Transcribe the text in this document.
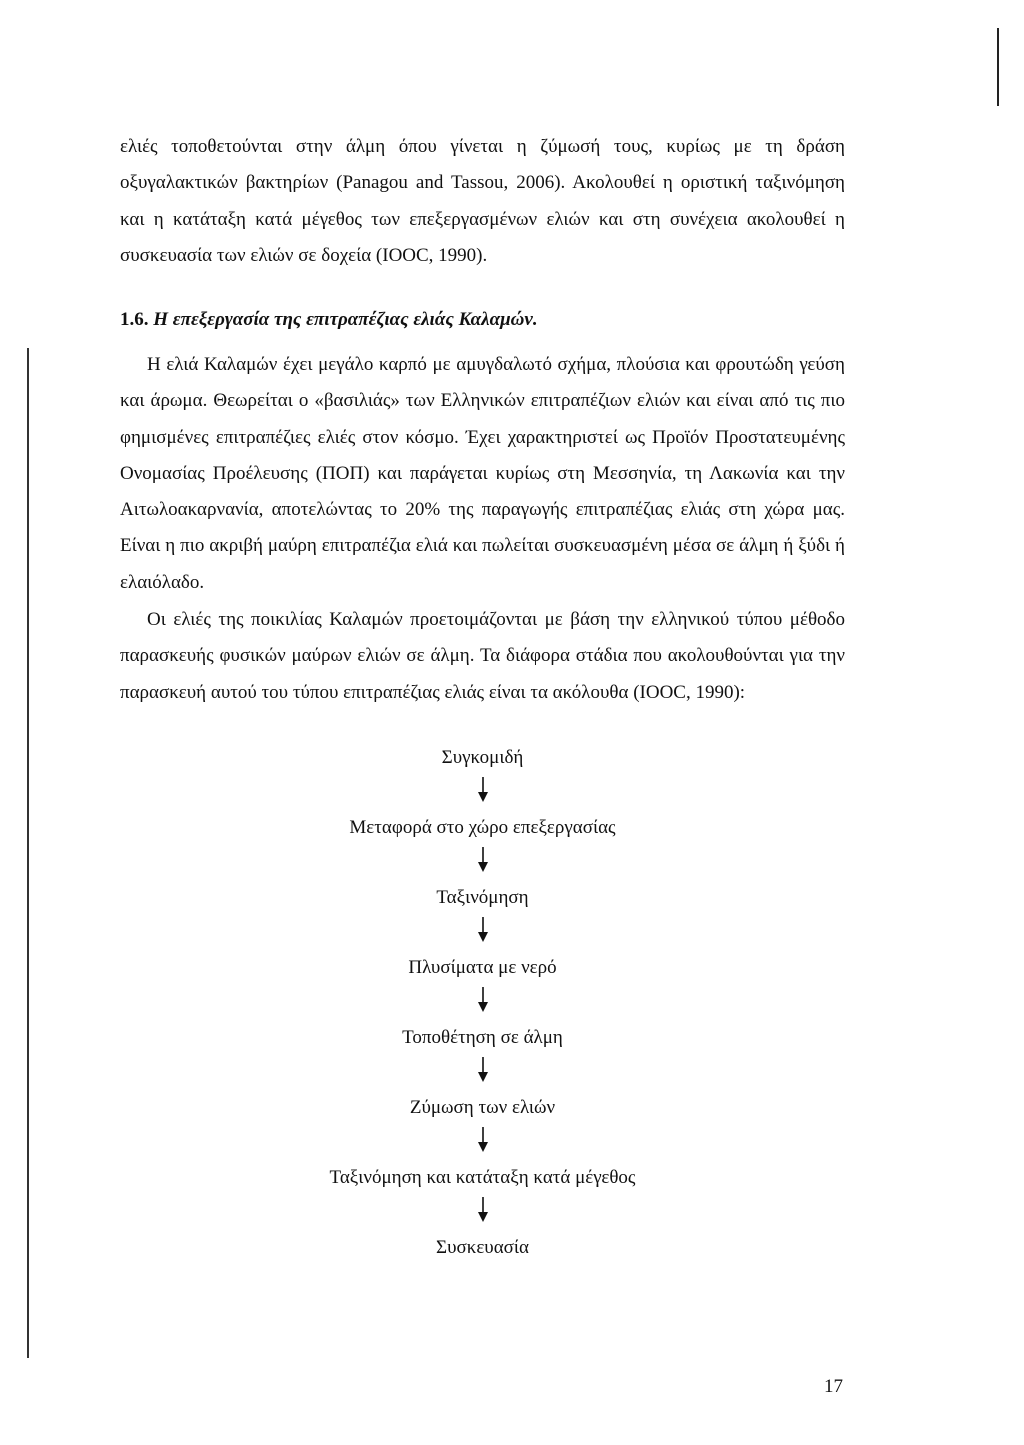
ελιές τοποθετούνται στην άλμη όπου γίνεται η ζύμωσή τους, κυρίως με τη δράση οξυγαλακτικών βακτηρίων (Panagou and Tassou, 2006). Ακολουθεί η οριστική ταξινόμηση και η κατάταξη κατά μέγεθος των επεξεργασμένων ελιών και στη συνέχεια ακολουθεί η συσκευασία των ελιών σε δοχεία (IOOC, 1990).

1.6. Η επεξεργασία της επιτραπέζιας ελιάς Καλαμών.

Η ελιά Καλαμών έχει μεγάλο καρπό με αμυγδαλωτό σχήμα, πλούσια και φρουτώδη γεύση και άρωμα. Θεωρείται ο «βασιλιάς» των Ελληνικών επιτραπέζιων ελιών και είναι από τις πιο φημισμένες επιτραπέζιες ελιές στον κόσμο. Έχει χαρακτηριστεί ως Προϊόν Προστατευμένης Ονομασίας Προέλευσης (ΠΟΠ) και παράγεται κυρίως στη Μεσσηνία, τη Λακωνία και την Αιτωλοακαρνανία, αποτελώντας το 20% της παραγωγής επιτραπέζιας ελιάς στη χώρα μας. Είναι η πιο ακριβή μαύρη επιτραπέζια ελιά και πωλείται συσκευασμένη μέσα σε άλμη ή ξύδι ή ελαιόλαδο.

Οι ελιές της ποικιλίας Καλαμών προετοιμάζονται με βάση την ελληνικού τύπου μέθοδο παρασκευής φυσικών μαύρων ελιών σε άλμη. Τα διάφορα στάδια που ακολουθούνται για την παρασκευή αυτού του τύπου επιτραπέζιας ελιάς είναι τα ακόλουθα (IOOC, 1990):

Συγκομιδή
Μεταφορά στο χώρο επεξεργασίας
Ταξινόμηση
Πλυσίματα με νερό
Τοποθέτηση σε άλμη
Ζύμωση των ελιών
Ταξινόμηση και κατάταξη κατά μέγεθος
Συσκευασία
17
